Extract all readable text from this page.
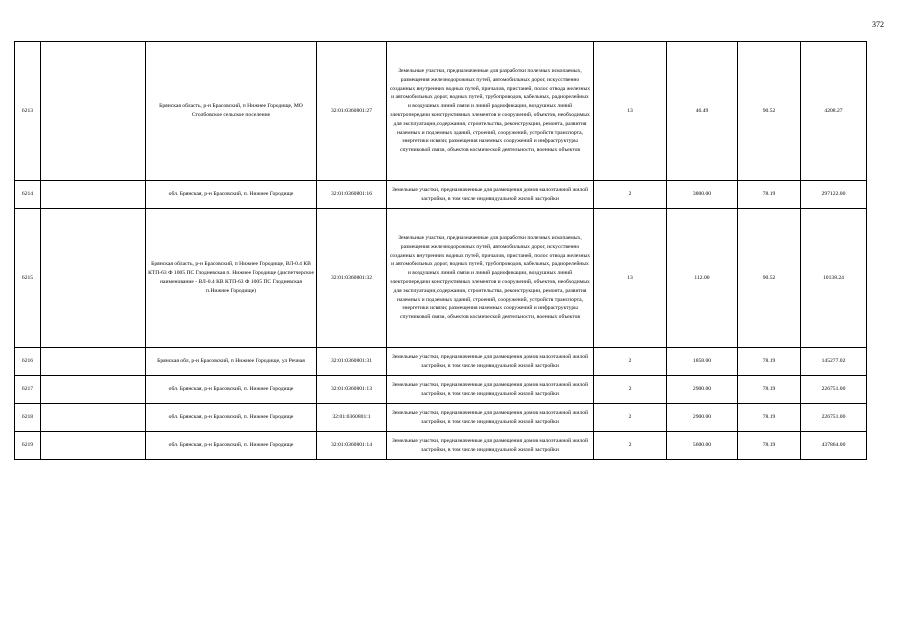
372
6213		Брянская область, р-н Брасовский, п Нижнее Городище, МО Столбовское сельское поселение	32:01:0360801:27	Земельные участки, предназначенные для разработки полезных ископаемых, размещения железнодорожных путей, автомобильных дорог, искусственно созданных внутренних водных путей, причалов, пристаней, полос отвода железных и автомобильных дорог, водных путей, трубопроводов, кабельных, радиорелейных и воздушных линий связи и линий радиофикации, воздушных линий электропередачи конструктивных элементов и сооружений, объектов, необходимых для эксплуатации,содержания, строительства, реконструкции, ремонта, развития наземных и подземных зданий, строений, сооружений, устройств транспорта, энергетики исвязи; размещения наземных сооружений и инфраструктуры спутниковой связи, объектов космической деятельности, военных объектов	13	46.49	90.52	4208.27
6214		обл. Брянская, р-н Брасовский, п. Нижнее Городище	32:01:0360801:16	Земельные участки, предназначенные для размещения домов малоэтажной жилой застройки, в том числе индивидуальной жилой застройки	2	3800.00	78.19	297122.00
6215		Брянская область, р-н Брасовский, п Нижнее Городище, ВЛ-0.4 КВ КТП-63 Ф 1005 ПС Глодневская п. Нижнее Городище (диспетчерское наименование - ВЛ-0.4 КВ КТП-63 Ф 1005 ПС Глодневская п.Нижнее Городище)	32:01:0360801:32	Земельные участки, предназначенные для разработки полезных ископаемых, размещения железнодорожных путей, автомобильных дорог, искусственно созданных внутренних водных путей, причалов, пристаней, полос отвода железных и автомобильных дорог, водных путей, трубопроводов, кабельных, радиорелейных и воздушных линий связи и линий радиофикации, воздушных линий электропередачи конструктивных элементов и сооружений, объектов, необходимых для эксплуатации,содержания, строительства, реконструкции, ремонта, развития наземных и подземных зданий, строений, сооружений, устройств транспорта, энергетики исвязи; размещения наземных сооружений и инфраструктуры спутниковой связи, объектов космической деятельности, военных объектов	13	112.00	90.52	10138.24
6216		Брянская обл, р-н Брасовский, п Нижнее Городище, ул Речная	32:01:0360801:31	Земельные участки, предназначенные для размещения домов малоэтажной жилой застройки, в том числе индивидуальной жилой застройки	2	1858.00	78.19	145277.02
6217		обл. Брянская, р-н Брасовский, п. Нижнее Городище	32:01:0360801:13	Земельные участки, предназначенные для размещения домов малоэтажной жилой застройки, в том числе индивидуальной жилой застройки	2	2900.00	78.19	226751.00
6218		обл. Брянская, р-н Брасовский, п. Нижнее Городище	32:01:0360801:1	Земельные участки, предназначенные для размещения домов малоэтажной жилой застройки, в том числе индивидуальной жилой застройки	2	2900.00	78.19	226751.00
6219		обл. Брянская, р-н Брасовский, п. Нижнее Городище	32:01:0360801:14	Земельные участки, предназначенные для размещения домов малоэтажной жилой застройки, в том числе индивидуальной жилой застройки	2	5600.00	78.19	437864.00
